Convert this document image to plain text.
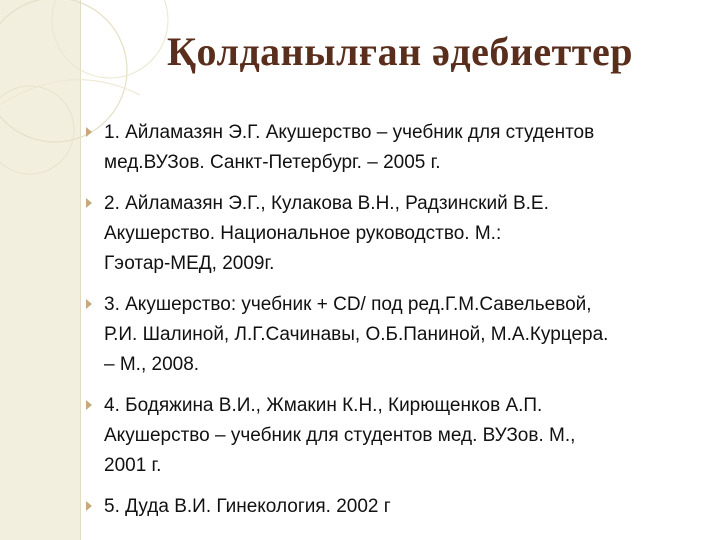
Қолданылған әдебиеттер
1. Айламазян Э.Г. Акушерство – учебник для студентов
мед.ВУЗов. Санкт-Петербург. – 2005 г.
2. Айламазян Э.Г., Кулакова В.Н., Радзинский В.Е.
Акушерство. Национальное руководство. М.:
Гэотар-МЕД, 2009г.
3. Акушерство: учебник + CD/ под ред.Г.М.Савельевой,
Р.И. Шалиной, Л.Г.Сачинавы, О.Б.Паниной, М.А.Курцера.
– М., 2008.
4. Бодяжина В.И., Жмакин К.Н., Кирющенков А.П.
Акушерство – учебник для студентов мед. ВУЗов. М.,
2001 г.
5. Дуда В.И. Гинекология. 2002 г
